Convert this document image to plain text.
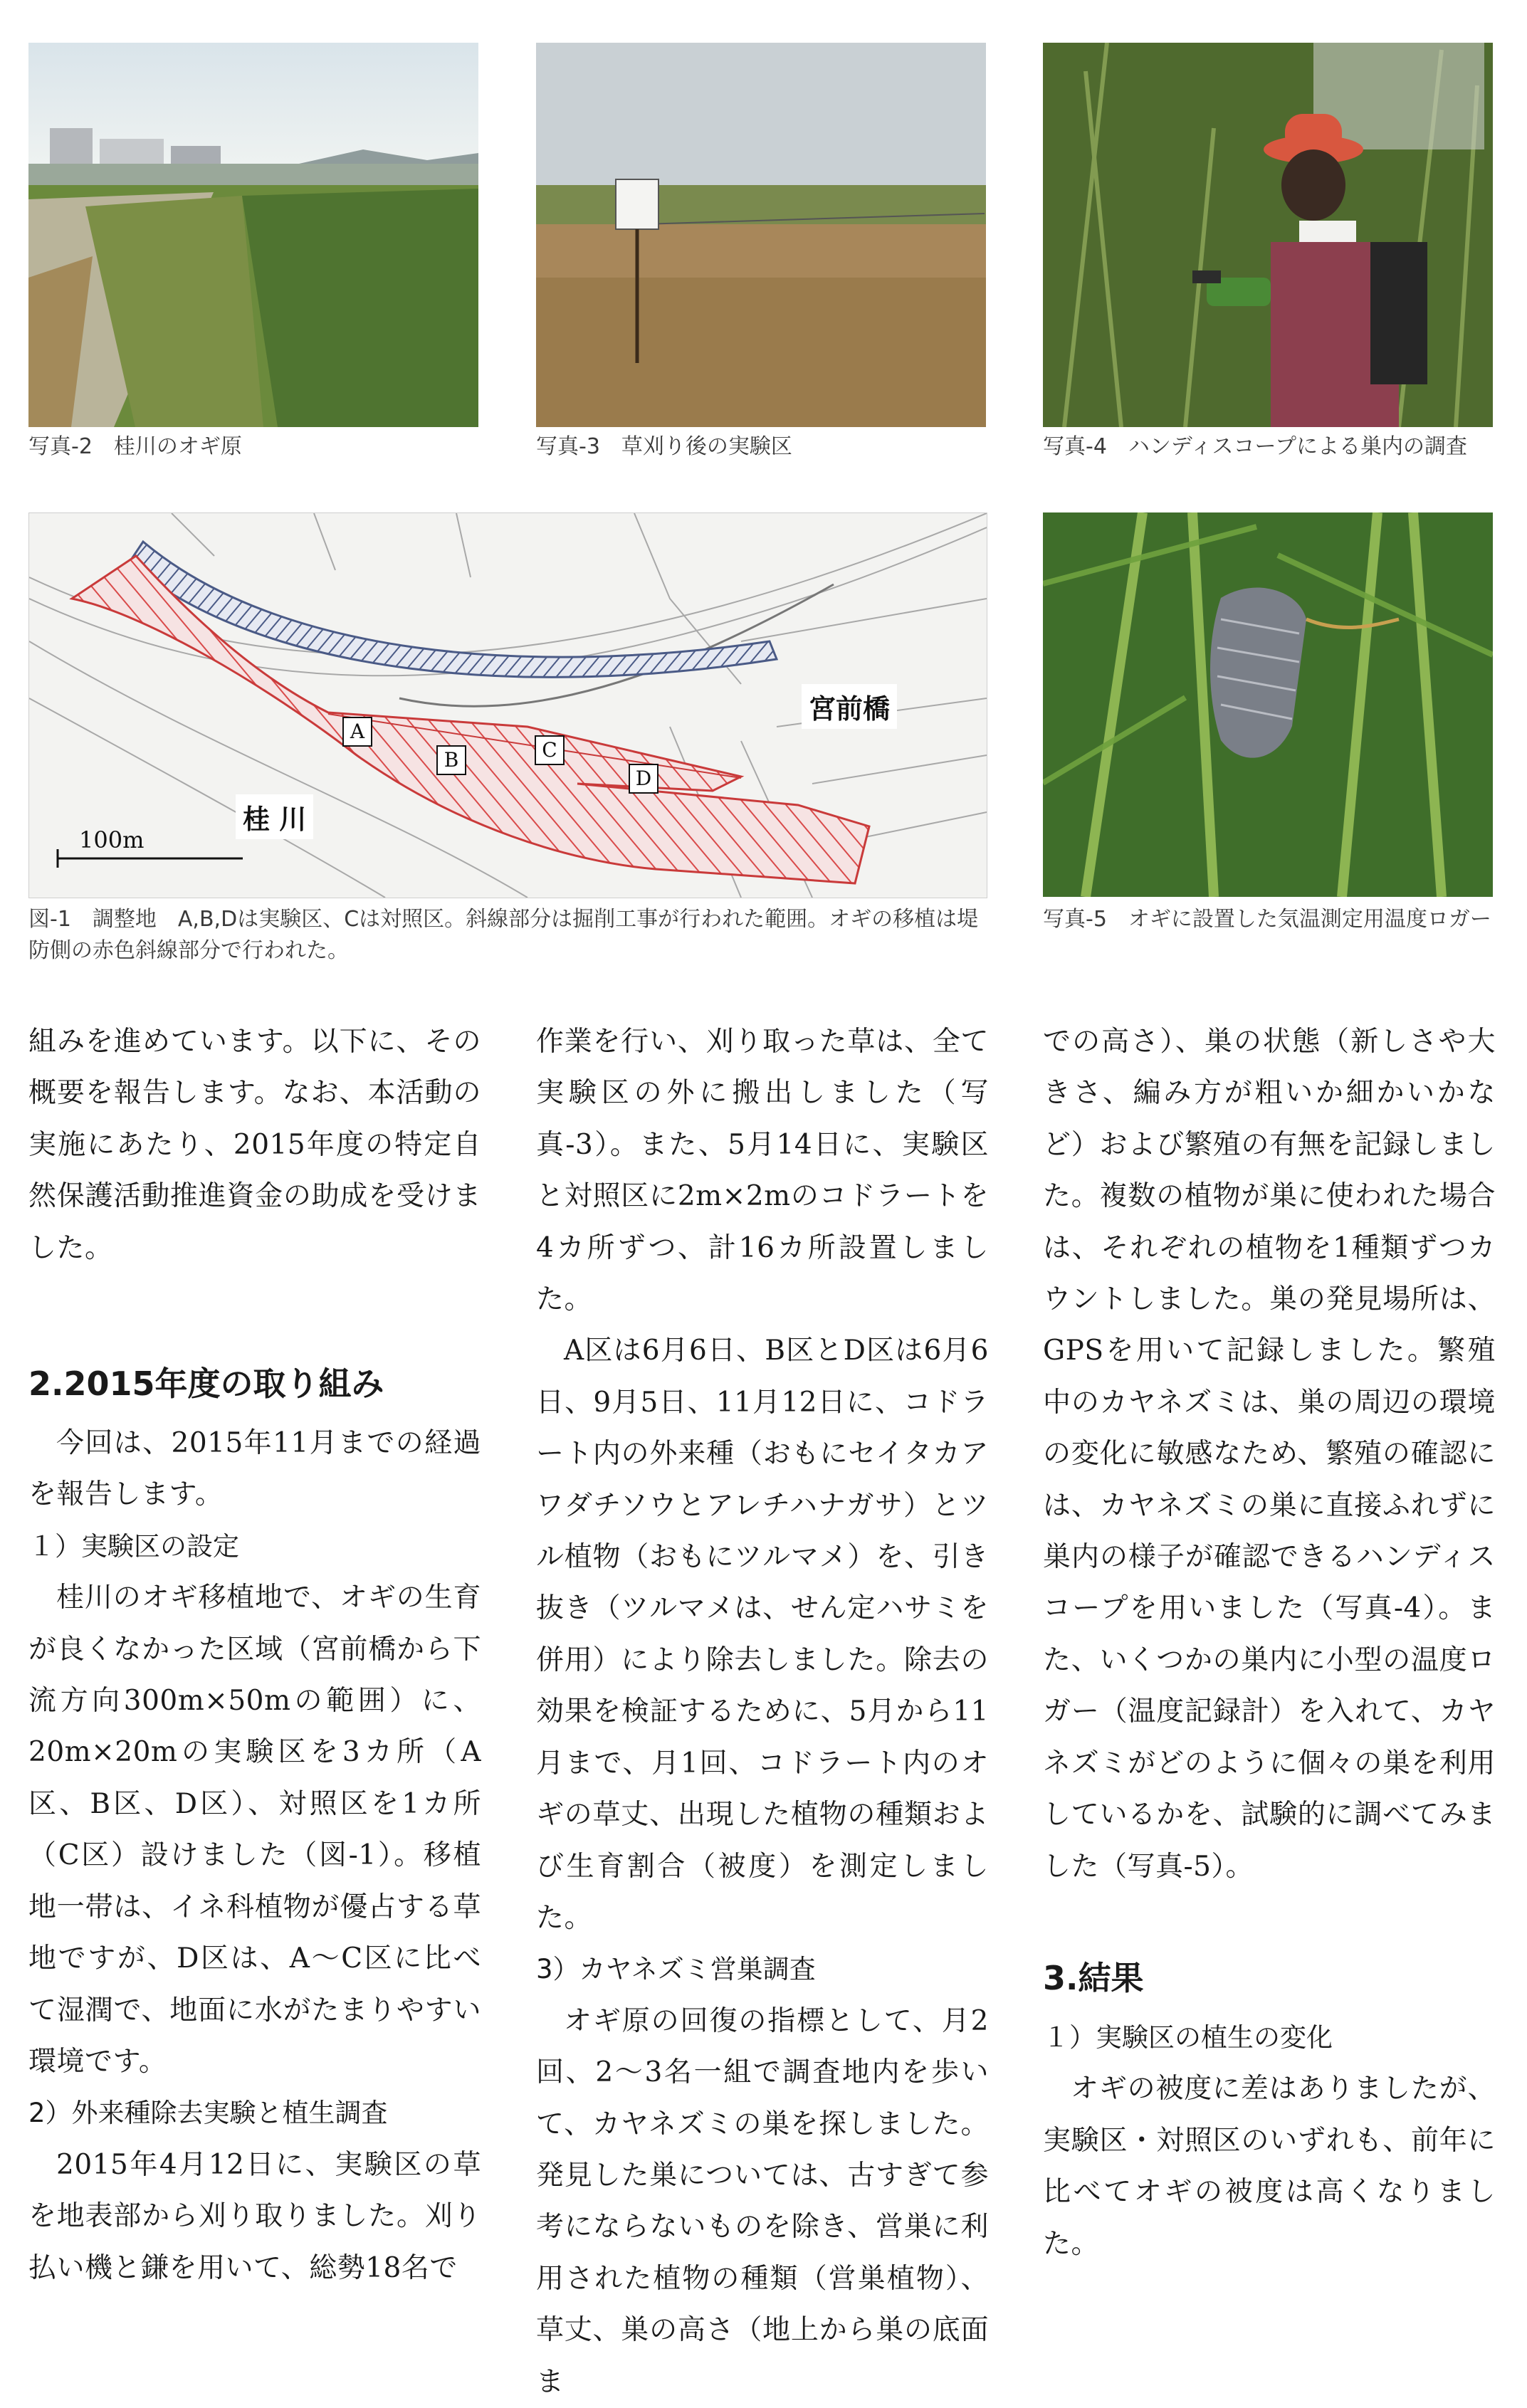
写真-2　桂川のオギ原	写真-3　草刈り後の実験区	写真-4　ハンディスコープによる巣内の調査
A
B	C
D
宮前橋
桂 川
100m
図-1　調整地　A,B,Dは実験区、Cは対照区。斜線部分は掘削工事が行われた範囲。オギの移植は堤防側の赤色斜線部分で行われた。
写真-5　オギに設置した気温測定用温度ロガー

組みを進めています。以下に、その概要を報告します。なお、本活動の実施にあたり、2015年度の特定自然保護活動推進資金の助成を受けました。

2.2015年度の取り組み

今回は、2015年11月までの経過を報告します。

１）実験区の設定

桂川のオギ移植地で、オギの生育が良くなかった区域（宮前橋から下流方向300m×50mの範囲）に、20m×20mの実験区を3カ所（A区、B区、D区）、対照区を1カ所（C区）設けました（図-1）。移植地一帯は、イネ科植物が優占する草地ですが、D区は、A～C区に比べて湿潤で、地面に水がたまりやすい環境です。

2）外来種除去実験と植生調査

2015年4月12日に、実験区の草を地表部から刈り取りました。刈り払い機と鎌を用いて、総勢18名で

作業を行い、刈り取った草は、全て実験区の外に搬出しました（写真-3）。また、5月14日に、実験区と対照区に2m×2mのコドラートを4カ所ずつ、計16カ所設置しました。

A区は6月6日、B区とD区は6月6日、9月5日、11月12日に、コドラート内の外来種（おもにセイタカアワダチソウとアレチハナガサ）とツル植物（おもにツルマメ）を、引き抜き（ツルマメは、せん定ハサミを併用）により除去しました。除去の効果を検証するために、5月から11月まで、月1回、コドラート内のオギの草丈、出現した植物の種類および生育割合（被度）を測定しました。

3）カヤネズミ営巣調査

オギ原の回復の指標として、月2回、2～3名一組で調査地内を歩いて、カヤネズミの巣を探しました。発見した巣については、古すぎて参考にならないものを除き、営巣に利用された植物の種類（営巣植物）、草丈、巣の高さ（地上から巣の底面ま

での高さ）、巣の状態（新しさや大きさ、編み方が粗いか細かいかなど）および繁殖の有無を記録しました。複数の植物が巣に使われた場合は、それぞれの植物を1種類ずつカウントしました。巣の発見場所は、GPSを用いて記録しました。繁殖中のカヤネズミは、巣の周辺の環境の変化に敏感なため、繁殖の確認には、カヤネズミの巣に直接ふれずに巣内の様子が確認できるハンディスコープを用いました（写真-4）。また、いくつかの巣内に小型の温度ロガー（温度記録計）を入れて、カヤネズミがどのように個々の巣を利用しているかを、試験的に調べてみました（写真-5）。

3.結果

１）実験区の植生の変化

オギの被度に差はありましたが、実験区・対照区のいずれも、前年に比べてオギの被度は高くなりました。
